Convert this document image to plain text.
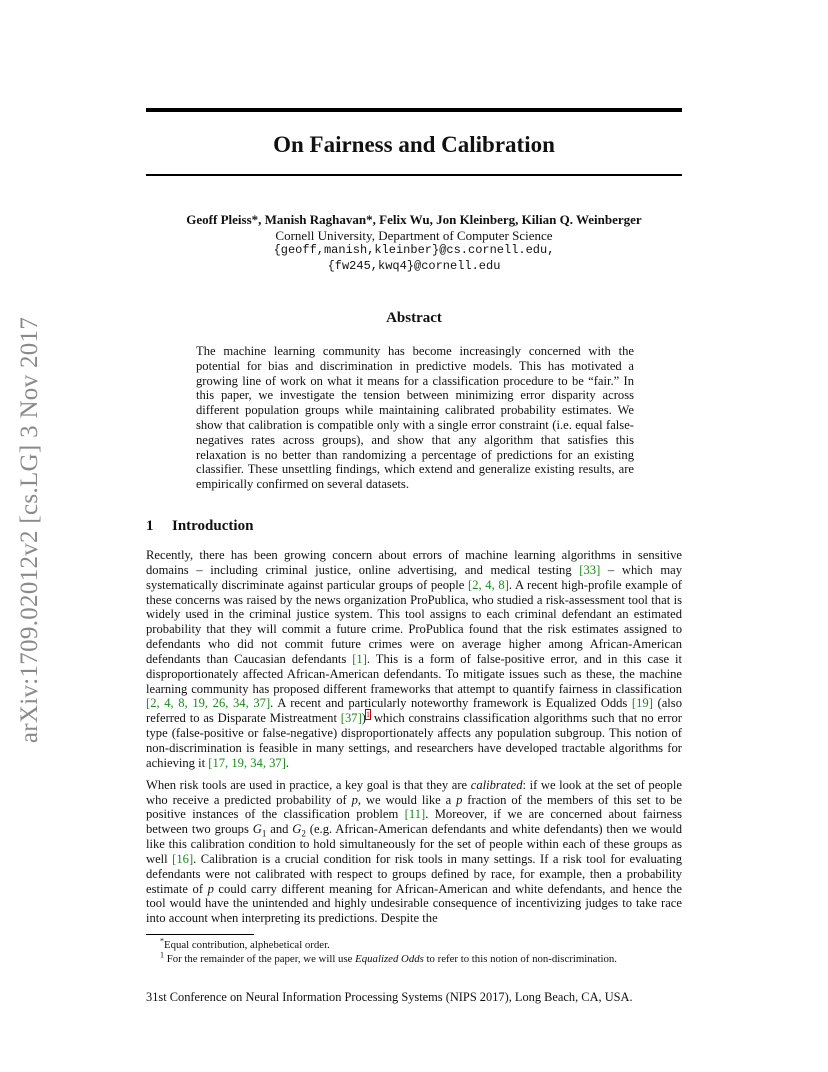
arXiv:1709.02012v2 [cs.LG] 3 Nov 2017
On Fairness and Calibration
Geoff Pleiss*, Manish Raghavan*, Felix Wu, Jon Kleinberg, Kilian Q. Weinberger
Cornell University, Department of Computer Science
{geoff,manish,kleinber}@cs.cornell.edu,
{fw245,kwq4}@cornell.edu
Abstract

The machine learning community has become increasingly concerned with the potential for bias and discrimination in predictive models. This has motivated a growing line of work on what it means for a classification procedure to be “fair.” In this paper, we investigate the tension between minimizing error disparity across different population groups while maintaining calibrated probability estimates. We show that calibration is compatible only with a single error constraint (i.e. equal false-negatives rates across groups), and show that any algorithm that satisfies this relaxation is no better than randomizing a percentage of predictions for an existing classifier. These unsettling findings, which extend and generalize existing results, are empirically confirmed on several datasets.

1 Introduction

Recently, there has been growing concern about errors of machine learning algorithms in sensitive domains – including criminal justice, online advertising, and medical testing [33] – which may systematically discriminate against particular groups of people [2, 4, 8]. A recent high-profile example of these concerns was raised by the news organization ProPublica, who studied a risk-assessment tool that is widely used in the criminal justice system. This tool assigns to each criminal defendant an estimated probability that they will commit a future crime. ProPublica found that the risk estimates assigned to defendants who did not commit future crimes were on average higher among African-American defendants than Caucasian defendants [1]. This is a form of false-positive error, and in this case it disproportionately affected African-American defendants. To mitigate issues such as these, the machine learning community has proposed different frameworks that attempt to quantify fairness in classification [2, 4, 8, 19, 26, 34, 37]. A recent and particularly noteworthy framework is Equalized Odds [19] (also referred to as Disparate Mistreatment [37])$^1$ which constrains classification algorithms such that no error type (false-positive or false-negative) disproportionately affects any population subgroup. This notion of non-discrimination is feasible in many settings, and researchers have developed tractable algorithms for achieving it [17, 19, 34, 37].

When risk tools are used in practice, a key goal is that they are calibrated: if we look at the set of people who receive a predicted probability of p, we would like a p fraction of the members of this set to be positive instances of the classification problem [11]. Moreover, if we are concerned about fairness between two groups $G_1$ and $G_2$ (e.g. African-American defendants and white defendants) then we would like this calibration condition to hold simultaneously for the set of people within each of these groups as well [16]. Calibration is a crucial condition for risk tools in many settings. If a risk tool for evaluating defendants were not calibrated with respect to groups defined by race, for example, then a probability estimate of p could carry different meaning for African-American and white defendants, and hence the tool would have the unintended and highly undesirable consequence of incentivizing judges to take race into account when interpreting its predictions. Despite the

*Equal contribution, alphebetical order.

$^1$ For the remainder of the paper, we will use Equalized Odds to refer to this notion of non-discrimination.

31st Conference on Neural Information Processing Systems (NIPS 2017), Long Beach, CA, USA.
